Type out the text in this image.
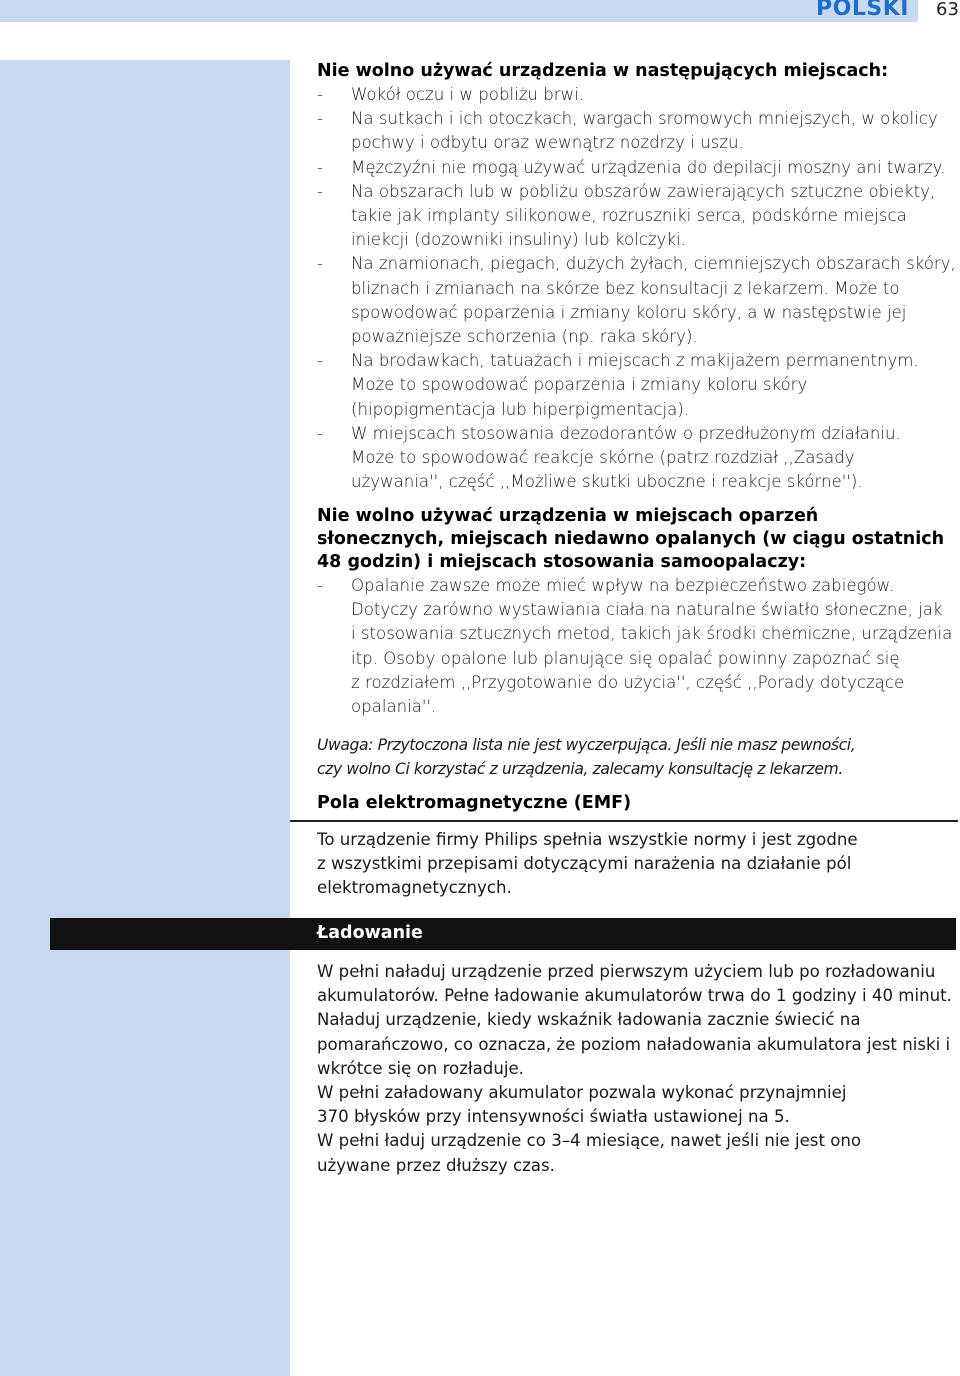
POLSKI 63
Nie wolno używać urządzenia w następujących miejscach:
- Wokół oczu i w pobliżu brwi.
- Na sutkach i ich otoczkach, wargach sromowych mniejszych, w okolicy
pochwy i odbytu oraz wewnątrz nozdrzy i uszu.
- Mężczyźni nie mogą używać urządzenia do depilacji moszny ani twarzy.
- Na obszarach lub w pobliżu obszarów zawierających sztuczne obiekty,
takie jak implanty silikonowe, rozruszniki serca, podskórne miejsca
iniekcji (dozowniki insuliny) lub kolczyki.
- Na znamionach, piegach, dużych żyłach, ciemniejszych obszarach skóry,
bliznach i zmianach na skórze bez konsultacji z lekarzem. Może to
spowodować poparzenia i zmiany koloru skóry, a w następstwie jej
poważniejsze schorzenia (np. raka skóry).
- Na brodawkach, tatuażach i miejscach z makijażem permanentnym.
Może to spowodować poparzenia i zmiany koloru skóry
(hipopigmentacja lub hiperpigmentacja).
- W miejscach stosowania dezodorantów o przedłużonym działaniu.
Może to spowodować reakcje skórne (patrz rozdział ,,Zasady
używania'', część ,,Możliwe skutki uboczne i reakcje skórne'').
Nie wolno używać urządzenia w miejscach oparzeń
słonecznych, miejscach niedawno opalanych (w ciągu ostatnich
48 godzin) i miejscach stosowania samoopalaczy:
- Opalanie zawsze może mieć wpływ na bezpieczeństwo zabiegów.
Dotyczy zarówno wystawiania ciała na naturalne światło słoneczne, jak
i stosowania sztucznych metod, takich jak środki chemiczne, urządzenia
itp. Osoby opalone lub planujące się opalać powinny zapoznać się
z rozdziałem ,,Przygotowanie do użycia'', część ,,Porady dotyczące
opalania''.
Uwaga: Przytoczona lista nie jest wyczerpująca. Jeśli nie masz pewności,
czy wolno Ci korzystać z urządzenia, zalecamy konsultację z lekarzem.
Pola elektromagnetyczne (EMF)
To urządzenie firmy Philips spełnia wszystkie normy i jest zgodne
z wszystkimi przepisami dotyczącymi narażenia na działanie pól
elektromagnetycznych.
Ładowanie
W pełni naładuj urządzenie przed pierwszym użyciem lub po rozładowaniu
akumulatorów. Pełne ładowanie akumulatorów trwa do 1 godziny i 40 minut.
Naładuj urządzenie, kiedy wskaźnik ładowania zacznie świecić na
pomarańczowo, co oznacza, że poziom naładowania akumulatora jest niski i
wkrótce się on rozładuje.
W pełni załadowany akumulator pozwala wykonać przynajmniej
370 błysków przy intensywności światła ustawionej na 5.
W pełni ładuj urządzenie co 3–4 miesiące, nawet jeśli nie jest ono
używane przez dłuższy czas.
